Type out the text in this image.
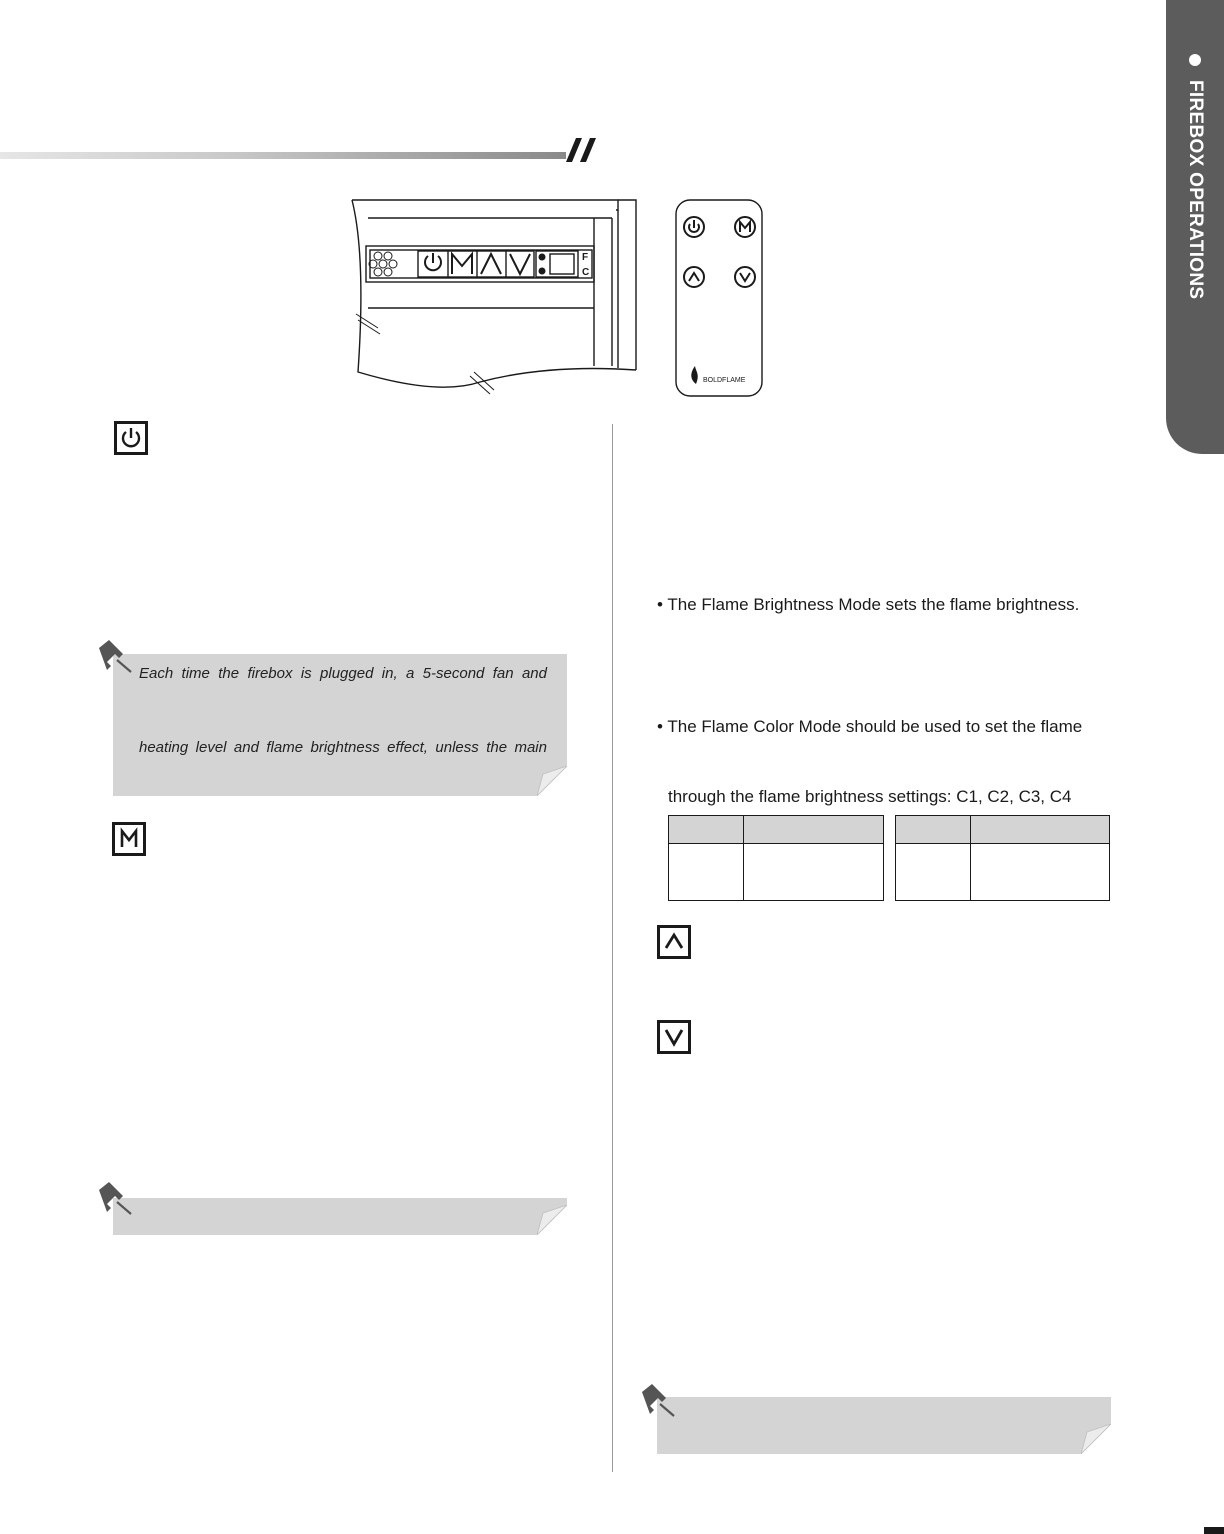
FIREBOX OPERATIONS
F
C
BOLDFLAME
Each time the firebox is plugged in, a 5-second fan and
heating level and flame brightness effect, unless the main
• The Flame Brightness Mode sets the flame brightness.
• The Flame Color Mode should be used to set the flame
through the flame brightness settings: C1, C2, C3, C4
